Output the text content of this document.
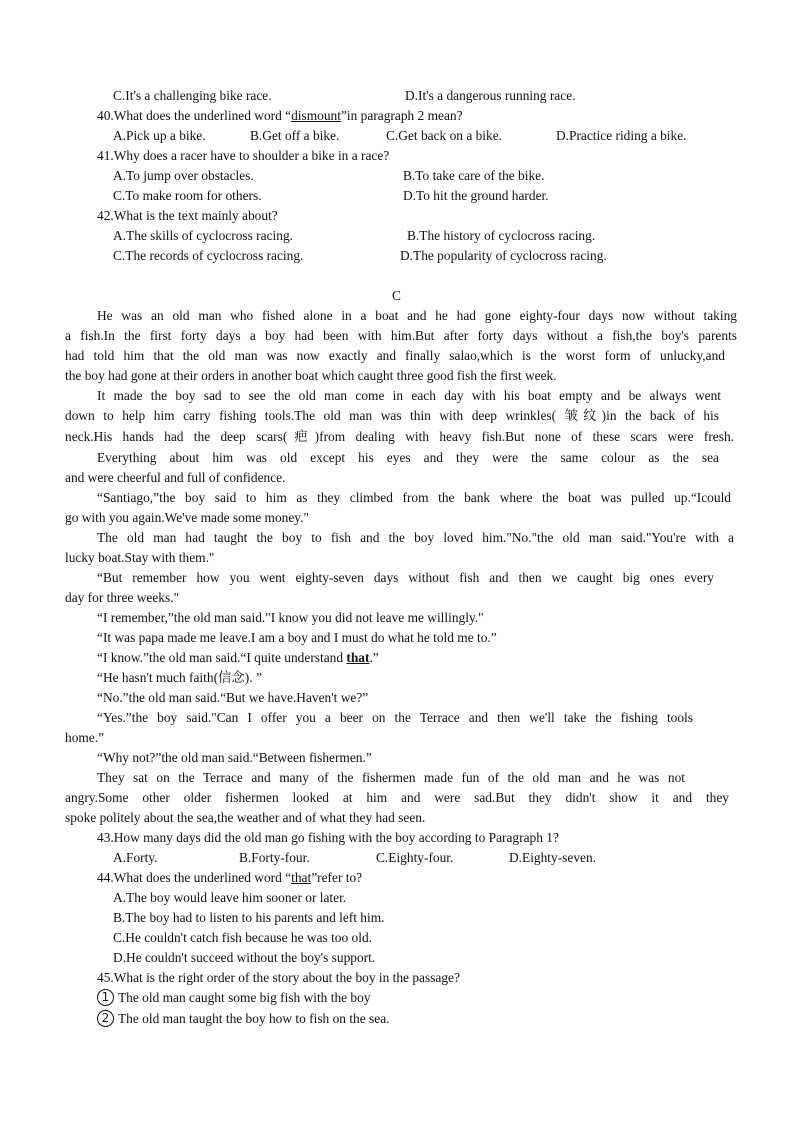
C.It's a challenging bike race.	D.It's a dangerous running race.
40.What does the underlined word “dismount”in paragraph 2 mean?
A.Pick up a bike.	B.Get off a bike.	C.Get back on a bike.	D.Practice riding a bike.
41.Why does a racer have to shoulder a bike in a race?
A.To jump over obstacles.	B.To take care of the bike.
C.To make room for others.	D.To hit the ground harder.
42.What is the text mainly about?
A.The skills of cyclocross racing.	B.The history of cyclocross racing.
C.The records of cyclocross racing.	D.The popularity of cyclocross racing.
C
He was an old man who fished alone in a boat and he had gone eighty-four days now without taking
a fish.In the first forty days a boy had been with him.But after forty days without a fish,the boy's parents
had told him that the old man was now exactly and finally salao,which is the worst form of unlucky,and
the boy had gone at their orders in another boat which caught three good fish the first week.
It made the boy sad to see the old man come in each day with his boat empty and be always went
down to help him carry fishing tools.The old man was thin with deep wrinkles( 皱纹)in the back of his
neck.His hands had the deep scars(疤)from dealing with heavy fish.But none of these scars were fresh.
Everything about him was old except his eyes and they were the same colour as the sea
and were cheerful and full of confidence.
“Santiago,”the boy said to him as they climbed from the bank where the boat was pulled up.“Icould
go with you again.We've made some money."
The old man had taught the boy to fish and the boy loved him."No."the old man said."You're with a
lucky boat.Stay with them."
“But remember how you went eighty-seven days without fish and then we caught big ones every
day for three weeks."
“I remember,”the old man said."I know you did not leave me willingly."
“It was papa made me leave.I am a boy and I must do what he told me to.”
“I know.”the old man said.“I quite understand that.”
“He hasn't much faith(信念). ”
“No.”the old man said.“But we have.Haven't we?”
“Yes.”the boy said."Can I offer you a beer on the Terrace and then we'll take the fishing tools
home.”
“Why not?”the old man said.“Between fishermen.”
They sat on the Terrace and many of the fishermen made fun of the old man and he was not
angry.Some other older fishermen looked at him and were sad.But they didn't show it and they
spoke politely about the sea,the weather and of what they had seen.
43.How many days did the old man go fishing with the boy according to Paragraph 1?
A.Forty.	B.Forty-four.	C.Eighty-four.	D.Eighty-seven.
44.What does the underlined word “that”refer to?
A.The boy would leave him sooner or later.
B.The boy had to listen to his parents and left him.
C.He couldn't catch fish because he was too old.
D.He couldn't succeed without the boy's support.
45.What is the right order of the story about the boy in the passage?
1 The old man caught some big fish with the boy
2 The old man taught the boy how to fish on the sea.
